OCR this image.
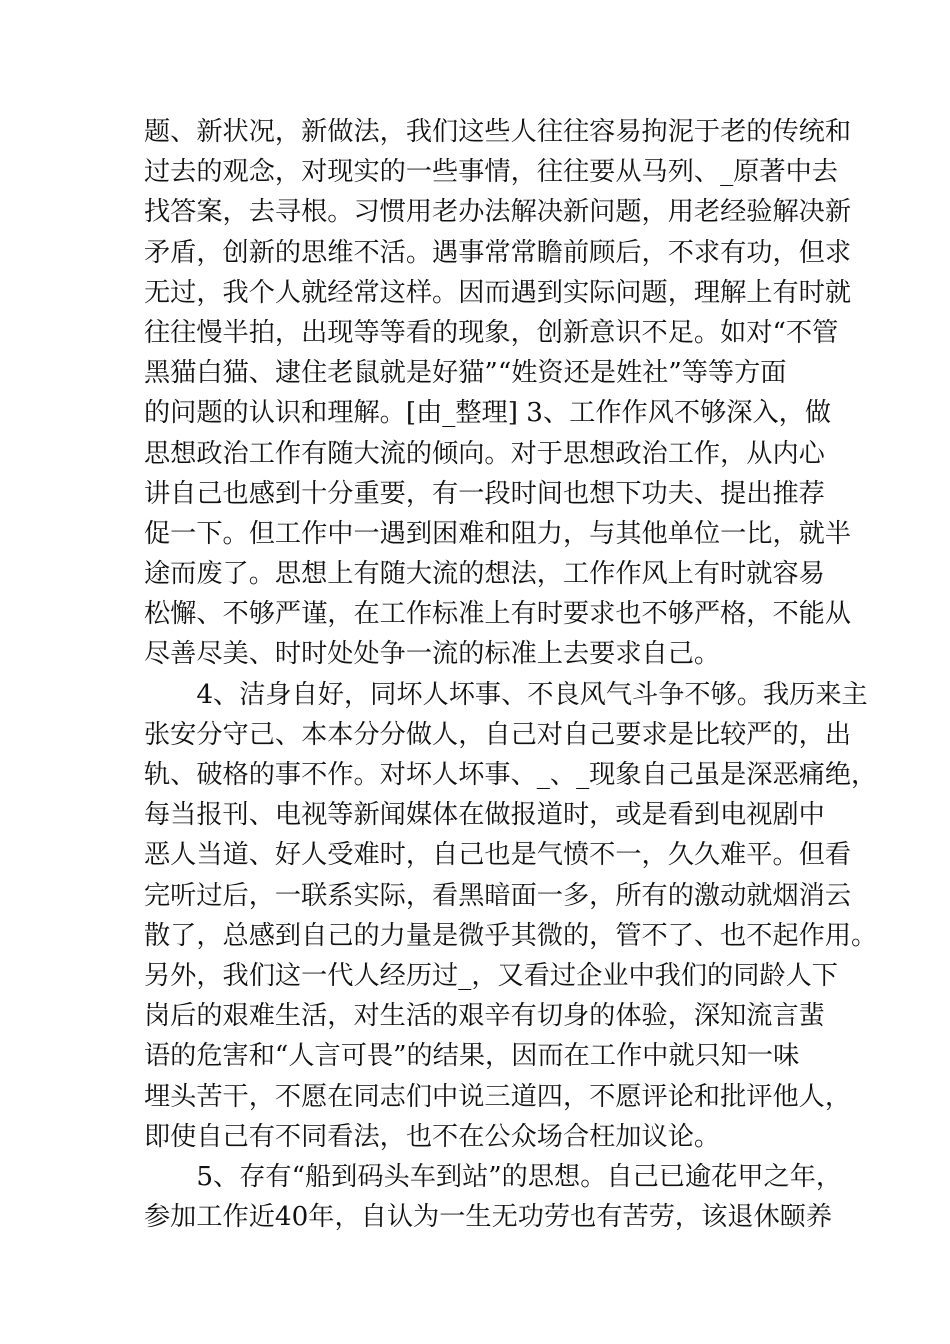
题、新状况，新做法，我们这些人往往容易拘泥于老的传统和
过去的观念，对现实的一些事情，往往要从马列、_原著中去
找答案，去寻根。习惯用老办法解决新问题，用老经验解决新
矛盾，创新的思维不活。遇事常常瞻前顾后，不求有功，但求
无过，我个人就经常这样。因而遇到实际问题，理解上有时就
往往慢半拍，出现等等看的现象，创新意识不足。如对“不管
黑猫白猫、逮住老鼠就是好猫”“姓资还是姓社”等等方面
的问题的认识和理解。[由_整理] 3、工作作风不够深入，做
思想政治工作有随大流的倾向。对于思想政治工作，从内心
讲自己也感到十分重要，有一段时间也想下功夫、提出推荐
促一下。但工作中一遇到困难和阻力，与其他单位一比，就半
途而废了。思想上有随大流的想法，工作作风上有时就容易
松懈、不够严谨，在工作标准上有时要求也不够严格，不能从
尽善尽美、时时处处争一流的标准上去要求自己。
　　4、洁身自好，同坏人坏事、不良风气斗争不够。我历来主
张安分守己、本本分分做人，自己对自己要求是比较严的，出
轨、破格的事不作。对坏人坏事、_、_现象自己虽是深恶痛绝，
每当报刊、电视等新闻媒体在做报道时，或是看到电视剧中
恶人当道、好人受难时，自己也是气愤不一，久久难平。但看
完听过后，一联系实际，看黑暗面一多，所有的激动就烟消云
散了，总感到自己的力量是微乎其微的，管不了、也不起作用。
另外，我们这一代人经历过_，又看过企业中我们的同龄人下
岗后的艰难生活，对生活的艰辛有切身的体验，深知流言蜚
语的危害和“人言可畏”的结果，因而在工作中就只知一味
埋头苦干，不愿在同志们中说三道四，不愿评论和批评他人，
即使自己有不同看法，也不在公众场合枉加议论。
　　5、存有“船到码头车到站”的思想。自己已逾花甲之年，
参加工作近40年，自认为一生无功劳也有苦劳，该退休颐养
